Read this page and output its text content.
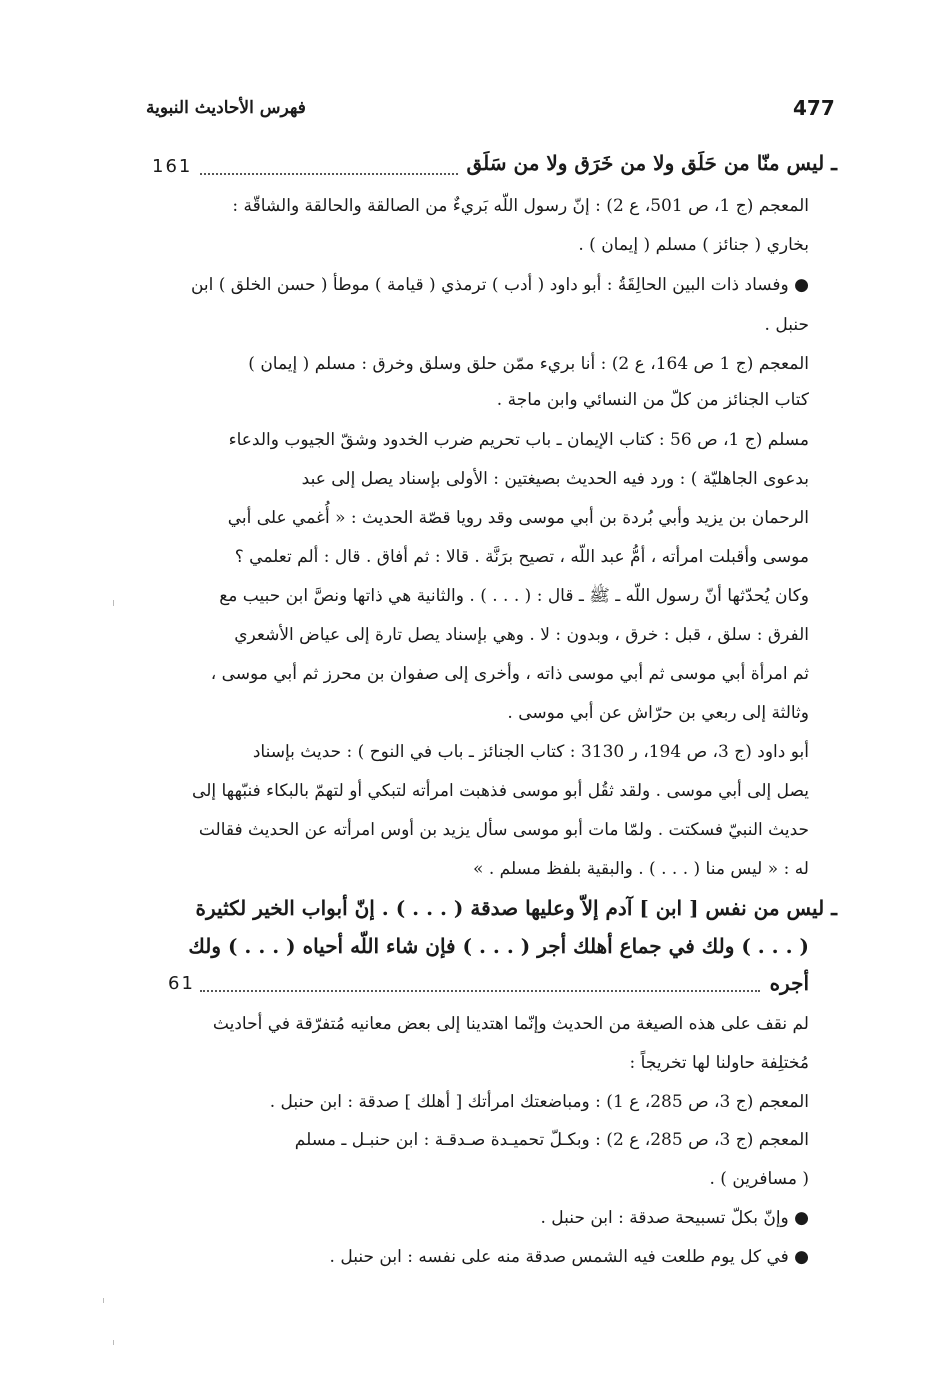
477
فهرس الأحاديث النبوية
ـ ليس منّا من حَلَق ولا من خَرَق ولا من سَلَق
161
المعجم (ج 1، ص 501، ع 2) : إنّ رسول اللّه بَريءٌ من الصالقة والحالقة والشاقّة :
بخاري ( جنائز ) مسلم ( إيمان ) .
● وفساد ذات البين الحالِقَةُ : أبو داود ( أدب ) ترمذي ( قيامة ) موطأ ( حسن الخلق ) ابن
حنبل .
المعجم (ج 1 ص 164، ع 2) : أنا بريء ممّن حلق وسلق وخرق : مسلم ( إيمان )
كتاب الجنائز من كلّ من النسائي وابن ماجة .
مسلم (ج 1، ص 56 : كتاب الإيمان ـ باب تحريم ضرب الخدود وشقّ الجيوب والدعاء
بدعوى الجاهليّة ) : ورد فيه الحديث بصيغتين : الأولى بإسناد يصل إلى عبد
الرحمان بن يزيد وأبي بُردة بن أبي موسى وقد رويا قصّة الحديث : « أُغمي على أبي
موسى وأقبلت امرأته ، أمُّ عبد اللّه ، تصيح برَنَّة . قالا : ثم أفاق . قال : ألم تعلمي ؟
وكان يُحدّثها أنّ رسول اللّه ـ ﷺ ـ قال : ( . . . ) . والثانية هي ذاتها ونصَّ ابن حبيب مع
الفرق : سلق ، قبل : خرق ، وبدون : لا . وهي بإسناد يصل تارة إلى عياض الأشعري
ثم امرأة أبي موسى ثم أبي موسى ذاته ، وأخرى إلى صفوان بن محرز ثم أبي موسى ،
وثالثة إلى ربعي بن حرّاش عن أبي موسى .
أبو داود (ج 3، ص 194، ر 3130 : كتاب الجنائز ـ باب في النوح ) : حديث بإسناد
يصل إلى أبي موسى . ولقد ثقُل أبو موسى فذهبت امرأته لتبكي أو لتهمّ بالبكاء فنبّهها إلى
حديث النبيّ فسكتت . ولمّا مات أبو موسى سأل يزيد بن أوس امرأته عن الحديث فقالت
له : « ليس منا ( . . . ) . والبقية بلفظ مسلم . »
ـ ليس من نفس [ ابن ] آدم إلاّ وعليها صدقة ( . . . ) . إنّ أبواب الخير لكثيرة
( . . . ) ولك في جماع أهلك أجر ( . . . ) فإن شاء اللّه أحياه ( . . . ) ولك
أجره
61
لم نقف على هذه الصيغة من الحديث وإنّما اهتدينا إلى بعض معانيه مُتفرّقة في أحاديث
مُختلِفة حاولنا لها تخريجاً :
المعجم (ج 3، ص 285، ع 1) : ومباضعتك امرأتك [ أهلك ] صدقة : ابن حنبل .
المعجم (ج 3، ص 285، ع 2) : وبكـلّ تحميـدة صـدقـة : ابن حنبـل ـ مسلم
( مسافرين ) .
● وإنّ بكلّ تسبيحة صدقة : ابن حنبل .
● في كل يوم طلعت فيه الشمس صدقة منه على نفسه : ابن حنبل .
